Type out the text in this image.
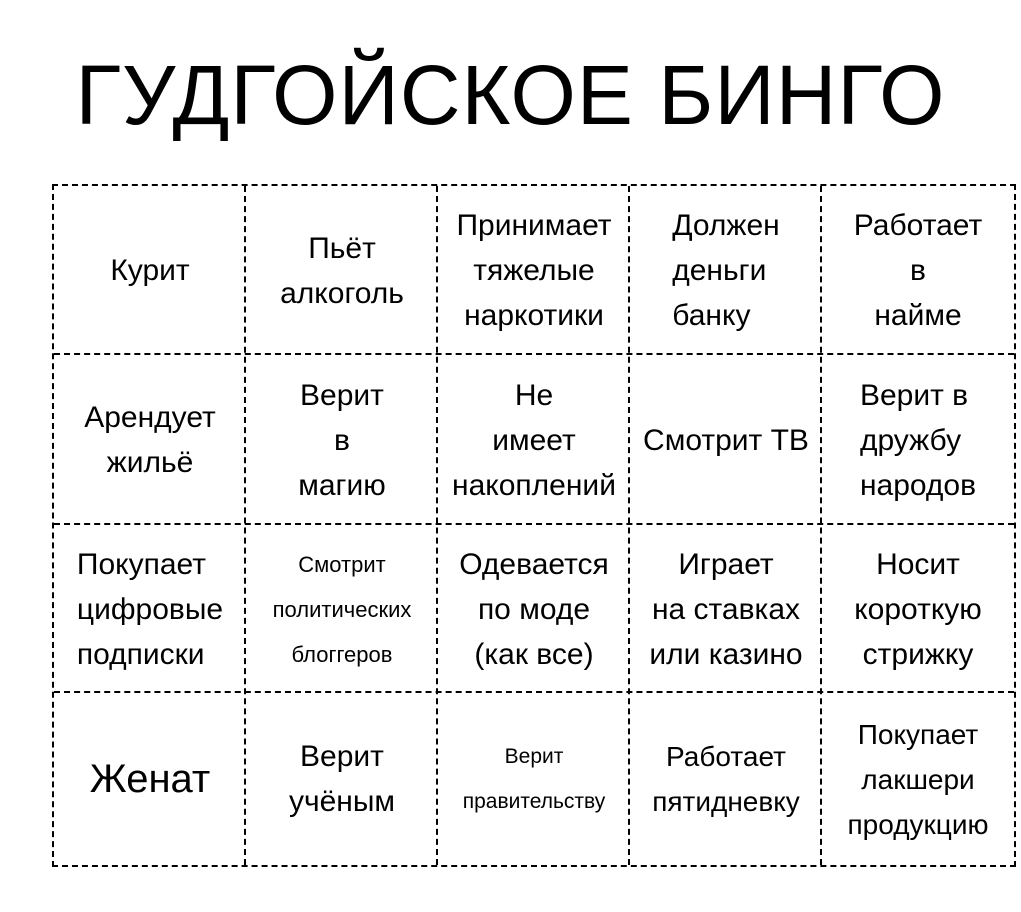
ГУДГОЙСКОЕ БИНГО
Курит
Пьёт
алкоголь
Принимает
тяжелые
наркотики
Должен
деньги
банку
Работает
в
найме
Арендует
жильё
Верит
в
магию
Не
имеет
накоплений
Смотрит ТВ
Верит в
дружбу
народов
Покупает
цифровые
подписки
Смотрит
политических
блоггеров
Одевается
по моде
(как все)
Играет
на ставках
или казино
Носит
короткую
стрижку
Женат	Верит
учёным
Верит
правительству
Работает
пятидневку
Покупает
лакшери
продукцию
